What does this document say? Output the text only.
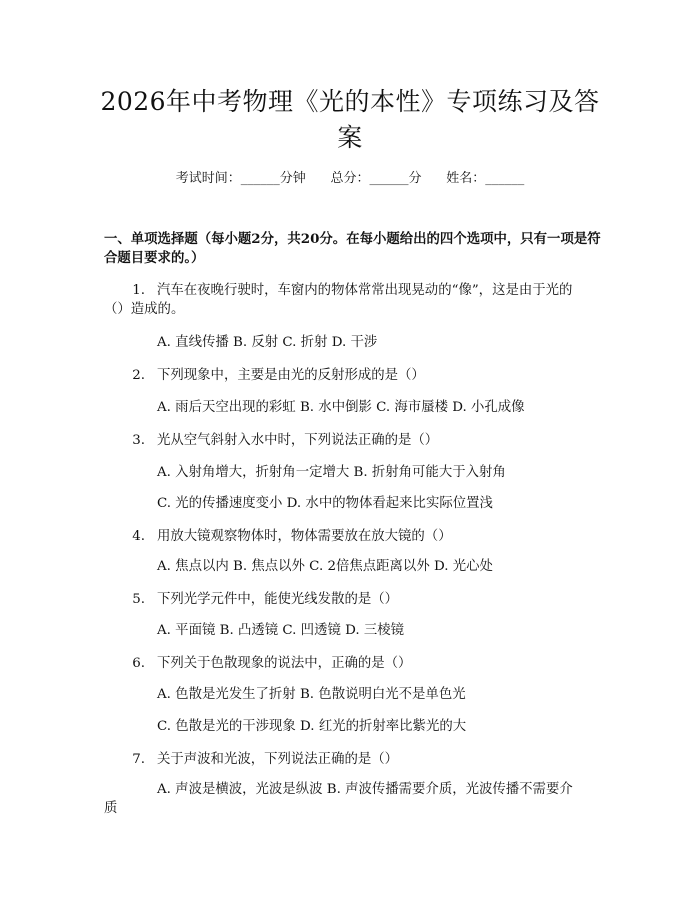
2026年中考物理《光的本性》专项练习及答案
考试时间：______分钟      总分：______分      姓名：______
一、单项选择题（每小题2分，共20分。在每小题给出的四个选项中，只有一项是符合题目要求的。）
1. 汽车在夜晚行驶时，车窗内的物体常常出现晃动的“像”，这是由于光的
（）造成的。
A. 直线传播 B. 反射 C. 折射 D. 干涉
2. 下列现象中，主要是由光的反射形成的是（）
A. 雨后天空出现的彩虹 B. 水中倒影 C. 海市蜃楼 D. 小孔成像
3. 光从空气斜射入水中时，下列说法正确的是（）
A. 入射角增大，折射角一定增大 B. 折射角可能大于入射角
C. 光的传播速度变小 D. 水中的物体看起来比实际位置浅
4. 用放大镜观察物体时，物体需要放在放大镜的（）
A. 焦点以内 B. 焦点以外 C. 2倍焦点距离以外 D. 光心处
5. 下列光学元件中，能使光线发散的是（）
A. 平面镜 B. 凸透镜 C. 凹透镜 D. 三棱镜
6. 下列关于色散现象的说法中，正确的是（）
A. 色散是光发生了折射 B. 色散说明白光不是单色光
C. 色散是光的干涉现象 D. 红光的折射率比紫光的大
7. 关于声波和光波，下列说法正确的是（）
A. 声波是横波，光波是纵波 B. 声波传播需要介质，光波传播不需要介
质
